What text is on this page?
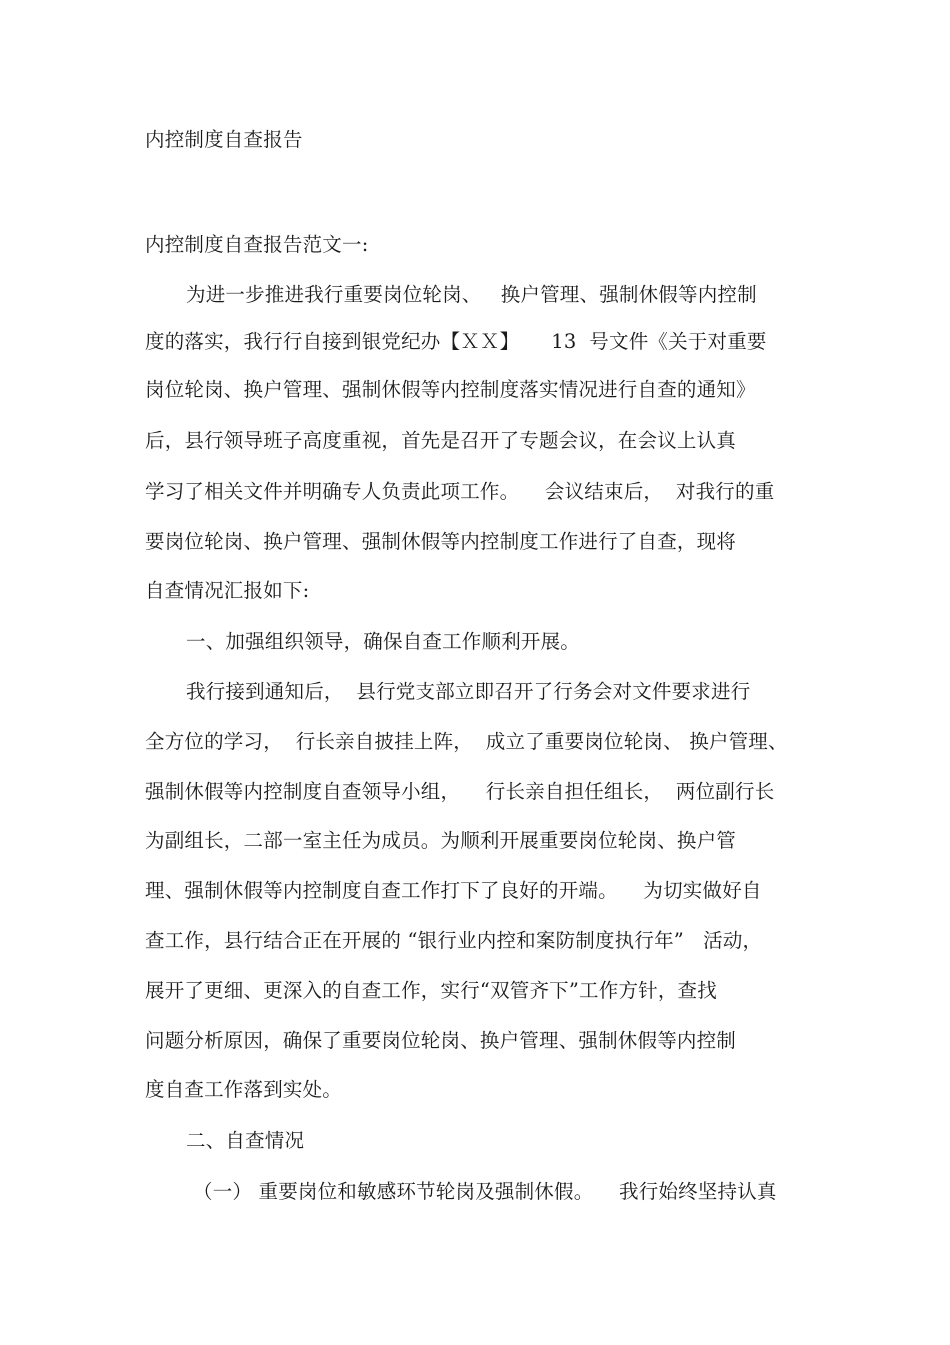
内控制度自查报告
内控制度自查报告范文一:
为进一步推进我行重要岗位轮岗、   换户管理、强制休假等内控制
度的落实，我行行自接到银党纪办【ＸＸ】     13  号文件《关于对重要
岗位轮岗、换户管理、强制休假等内控制度落实情况进行自查的通知》
后，县行领导班子高度重视，首先是召开了专题会议，在会议上认真
学习了相关文件并明确专人负责此项工作。    会议结束后，  对我行的重
要岗位轮岗、换户管理、强制休假等内控制度工作进行了自查，现将
自查情况汇报如下:
一、加强组织领导，确保自查工作顺利开展。
我行接到通知后，  县行党支部立即召开了行务会对文件要求进行
全方位的学习，  行长亲自披挂上阵，  成立了重要岗位轮岗、 换户管理、
强制休假等内控制度自查领导小组，    行长亲自担任组长，  两位副行长
为副组长，二部一室主任为成员。为顺利开展重要岗位轮岗、换户管
理、强制休假等内控制度自查工作打下了良好的开端。    为切实做好自
查工作，县行结合正在开展的 “银行业内控和案防制度执行年”   活动，
展开了更细、更深入的自查工作，实行“双管齐下”工作方针，查找
问题分析原因，确保了重要岗位轮岗、换户管理、强制休假等内控制
度自查工作落到实处。
二、自查情况
（一） 重要岗位和敏感环节轮岗及强制休假。    我行始终坚持认真
